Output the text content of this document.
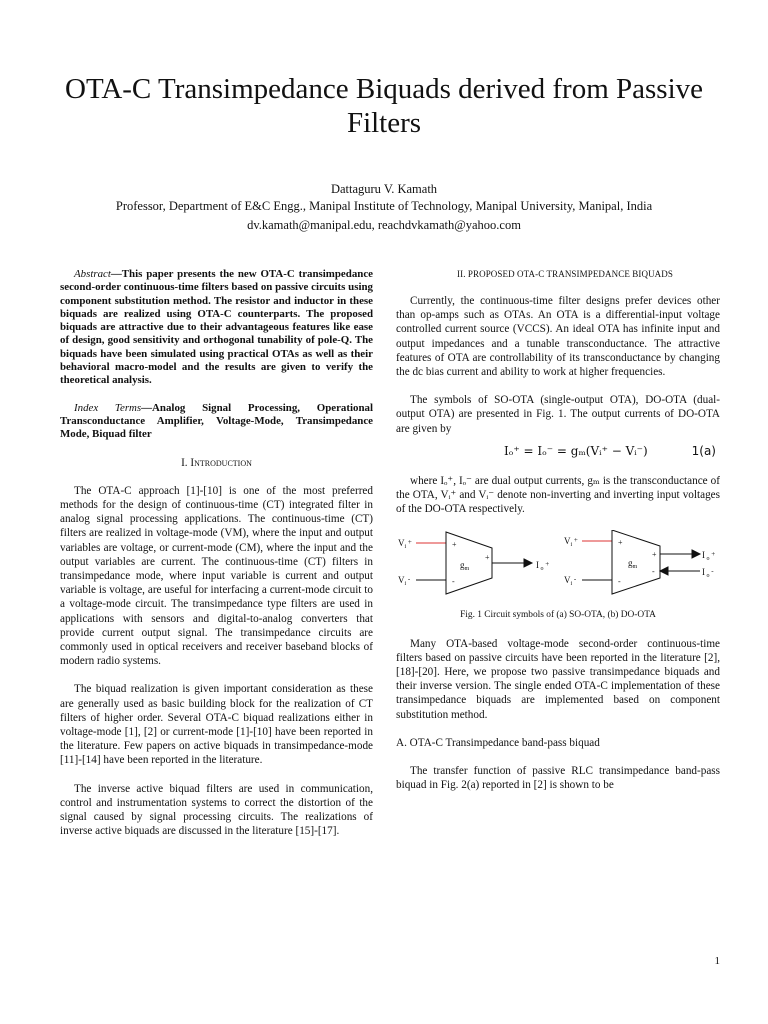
OTA-C Transimpedance Biquads derived from Passive Filters
Dattaguru V. Kamath
Professor, Department of E&C Engg., Manipal Institute of Technology, Manipal University, Manipal, India
dv.kamath@manipal.edu, reachdvkamath@yahoo.com

Abstract—This paper presents the new OTA-C transimpedance second-order continuous-time filters based on passive circuits using component substitution method. The resistor and inductor in these biquads are realized using OTA-C counterparts. The proposed biquads are attractive due to their advantageous features like ease of design, good sensitivity and orthogonal tunability of pole-Q. The biquads have been simulated using practical OTAs as well as their behavioral macro-model and the results are given to verify the theoretical analysis.

Index Terms—Analog Signal Processing, Operational Transconductance Amplifier, Voltage-Mode, Transimpedance Mode, Biquad filter

I. Introduction

The OTA-C approach [1]-[10] is one of the most preferred methods for the design of continuous-time (CT) integrated filter in analog signal processing applications. The continuous-time (CT) filters are realized in voltage-mode (VM), where the input and output variables are voltage, or current-mode (CM), where the input and the output variables are current. The continuous-time (CT) filters in transimpedance mode, where input variable is current and output variable is voltage, are useful for interfacing a current-mode circuit to a voltage-mode circuit. The transimpedance type filters are used in applications with sensors and digital-to-analog converters that provide current output signal. The transimpedance circuits are commonly used in optical receivers and receiver baseband blocks of modern radio systems.

The biquad realization is given important consideration as these are generally used as basic building block for the realization of CT filters of higher order. Several OTA-C biquad realizations either in voltage-mode [1], [2] or current-mode [1]-[10] have been reported in the literature. Few papers on active biquads in transimpedance-mode [11]-[14] have been reported in the literature.

The inverse active biquad filters are used in communication, control and instrumentation systems to correct the distortion of the signal caused by signal processing circuits. The realizations of inverse active biquads are discussed in the literature [15]-[17].

II. PROPOSED OTA-C TRANSIMPEDANCE BIQUADS

Currently, the continuous-time filter designs prefer devices other than op-amps such as OTAs. An OTA is a differential-input voltage controlled current source (VCCS). An ideal OTA has infinite input and output impedances and a tunable transconductance. The attractive features of OTA are controllability of its transconductance by changing the dc bias current and ability to work at higher frequencies.

The symbols of SO-OTA (single-output OTA), DO-OTA (dual-output OTA) are presented in Fig. 1. The output currents of DO-OTA are given by

Iₒ⁺ = Iₒ⁻ = gₘ(Vᵢ⁺ − Vᵢ⁻)	1(a)

where Iₒ⁺, Iₒ⁻ are dual output currents, gₘ is the transconductance of the OTA, Vᵢ⁺ and Vᵢ⁻ denote non-inverting and inverting input voltages of the DO-OTA respectively.

$V_i$ +
$V_i$ -
+
-
+
$g_m$	I $_o$ +
$V_i$ +
$V_i$ -
+
-
+
-
$g_m$
I $_o$ +
I $_o$ -

Fig. 1 Circuit symbols of (a) SO-OTA, (b) DO-OTA

Many OTA-based voltage-mode second-order continuous-time filters based on passive circuits have been reported in the literature [2], [18]-[20]. Here, we propose two passive transimpedance biquads and their inverse version. The single ended OTA-C implementation of these transimpedance biquads are implemented based on component substitution method.

A. OTA-C Transimpedance band-pass biquad

The transfer function of passive RLC transimpedance band-pass biquad in Fig. 2(a) reported in [2] is shown to be

1
